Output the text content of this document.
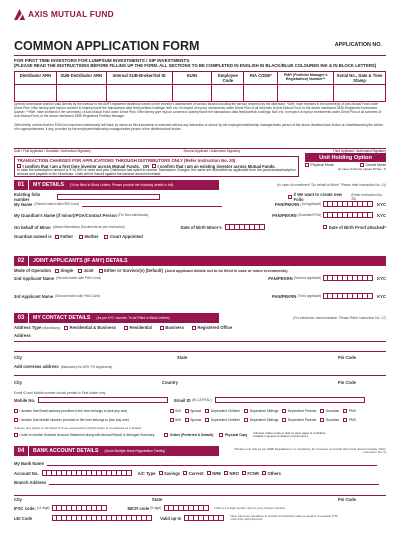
AXIS MUTUAL FUND
COMMON APPLICATION FORM	APPLICATION NO.
FOR FIRST TIME INVESTORS FOR LUMPSUM INVESTMENTS / SIP INVESTMENTS.
(PLEASE READ THE INSTRUCTIONS BEFORE FILLING UP THE FORM. ALL SECTIONS TO BE COMPLETED IN ENGLISH IN BLACK/BLUE COLOURED INK & IN BLOCK LETTERS)
Distributor ARN	SUB-Distributor ARN	Internal SUB-Broker/Sol ID	EUIN	Employee Code	RIA CODE*	PMR (Portfolio Manager's Registration) Number**	Serial No., Date & Time Stamp

Upfront commission shall be paid directly by the investor to the AMFI registered distributor based on the investor's assessment of various factors including the service rendered by the distributor. *I/We, have invested in the scheme(s) of Axis Mutual Fund under Direct Plan. I/We hereby give my/our consent to share/provide the transactions data feed/portfolio holdings/ NAV etc. in respect of my/our investments under Direct Plan of all schemes of Axis Mutual Fund, to the above mentioned SEBI-Registered Investment Adviser. **I/We, have invested in the scheme(s) of Axis Mutual Fund under Direct Plan. I/We hereby give my/our consent to share/provide the transactions data feed/portfolio holdings/ NAV etc. in respect of my/our investments under Direct Plan of all schemes of Axis Mutual Fund, to the above mentioned SEBI Registered Portfolio Manager.
I/We hereby confirm that the EUIN box has been intentionally left blank by me/us as this transaction is executed without any interaction or advice by the employee/relationship manager/sales person of the above distributor/sub broker or notwithstanding the advice of in-appropriateness, if any, provided by the employee/relationship manager/sales person of the distributor/sub broker.
Sole / First Applicant / Guardian / Authorised Signatory	Second Applicant / Authorised Signatory	Third Applicant / Authorised Signatory
TRANSACTION CHARGES FOR APPLICATIONS THROUGH DISTRIBUTORS ONLY (Refer Instruction No. 20)
I confirm that I am a first time investor across Mutual Funds. OR I confirm that I am an existing investor across Mutual Funds.
In case the subscription amount is ₹ 10,000 or more and your Distributor has opted to receive Transaction Charges, the same are deductible as applicable from the purchase/subscription amount and payable to the Distributor. Units will be issued against the balance amount invested.
Unit Holding Option
Physical Mode	Demat Mode
(In case of Demat, please fill Sec. 7)
01	MY DETAILS (To be filled in Block Letters. Please provide the following details in full)	(In case of investment "On behalf of Minor" Please refer instruction No. 11)
Existing folio number
I/ We want to create new Folio
(Refer Instruction No. 28)
My Name (Should match with PAN Card)	PAN/PEKRN (1st Applicant)	KYC
My Guardian's Name (if minor)/POA/Contact Person (For Non-individuals)	PAN/PEKRN (Guardian/POA)	KYC
On behalf of Minor (Attach Mandatory Documents as per instruction)	Date of Birth Minor's	Date of Birth Proof attached*
Guardian named is Father	Mother	Court Appointed
02	JOINT APPLICANTS (IF ANY) DETAILS
Mode of Operation Single	Joint	Either or Survivor(s) [Default] (Joint applicant details not to be filled in case of minor investments).
2nd Applicant Name (Should match with PAN Card)	PAN/PEKRN (Second applicant)	KYC
3rd Applicant Name (Should match with PAN Card)	PAN/PEKRN (Third applicant)	KYC
03	MY CONTACT DETAILS (As per KYC records. To be Filled in Block Letters)	(For electronic communication. Please Refer Instruction No. 17)
Address Type (Mandatory) Residential & Business	Residential	Business	Registered Office
Address
City	State	Pin Code
Add overseas address (Mandatory for NRI / FII Applicants)
City	Country	Pin Code
Email ID and Mobile number should pertain to First holder only.
Mobile No.	Email ID (IN CAPITAL)
I declare that Email address provided in the form belongs to (tick any one)	Self	Spouse	Dependent Children	Dependent Siblings	Dependent Parents	Guardian	PMS
I declare that Mobile Number provided in the form belongs to (tick any one)	Self	Spouse	Dependent Children	Dependent Siblings	Dependent Parents	Guardian	PMS
If above any option is not ticked or if we selected then (Self) option is considered as a default.
I wish to receive Scheme Account Statement along with Annual Report & Abridged Summary	Online (Preferred & Default)	Physical Copy
(Choose online mode to help us save paper & contribute towards a greener & cleaner environment.)
04	BANK ACCOUNT DETAILS (Avoid Multiple Bank Registration Facility)
(Please note that as per SEBI Regulations it is mandatory for investors to provide their bank account details. Refer instruction No. 6)
My Bank Name
Account No.	A/C Type Savings Current NRE NRO FCNR Others
Branch Address
City	State	Pin Code
IFSC code: (11 digit)	MICR code (9 digit)	(This is a 9 digit number next to your cheque number)
LEI Code	Valid up to	Note: LEI code mandatory to provide if transaction value is equal to or exceeds ₹ 50 crore limit, with LEI proof.
